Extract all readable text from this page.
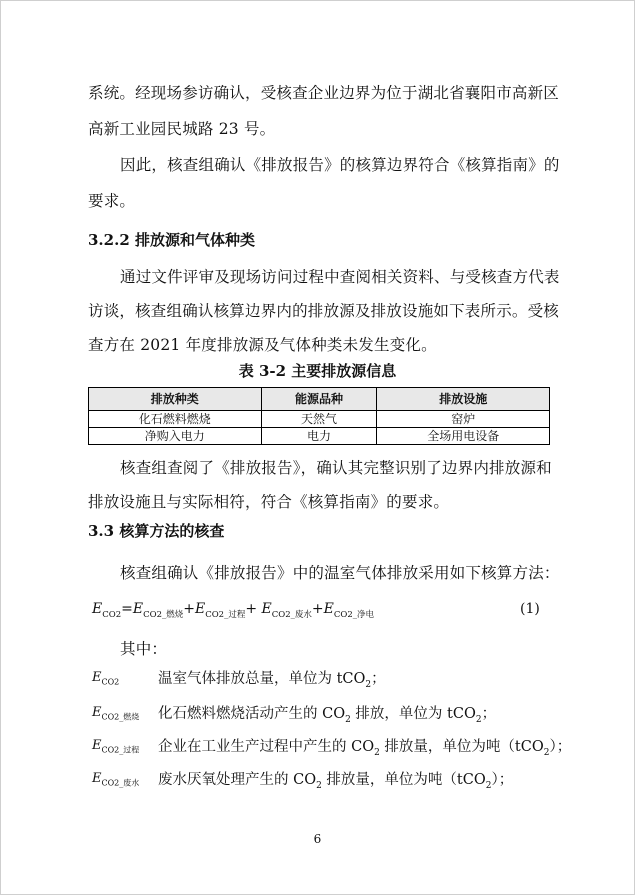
系统。经现场参访确认，受核查企业边界为位于湖北省襄阳市高新区
高新工业园民城路 23 号。
因此，核查组确认《排放报告》的核算边界符合《核算指南》的
要求。
3.2.2 排放源和气体种类
通过文件评审及现场访问过程中查阅相关资料、与受核查方代表
访谈，核查组确认核算边界内的排放源及排放设施如下表所示。受核
查方在 2021 年度排放源及气体种类未发生变化。
表 3-2 主要排放源信息
排放种类	能源品种	排放设施
化石燃料燃烧	天然气	窑炉
净购入电力	电力	全场用电设备
核查组查阅了《排放报告》，确认其完整识别了边界内排放源和
排放设施且与实际相符，符合《核算指南》的要求。
3.3 核算方法的核查
核查组确认《排放报告》中的温室气体排放采用如下核算方法：
$E_{CO2}=E_{CO2\_燃烧}+E_{CO2\_过程}+ E_{CO2\_废水}+E_{CO2\_净电}$	(1)
其中：
$E_{CO2}$	温室气体排放总量，单位为 tCO$_2$；
$E_{CO2\_燃烧}$ 化石燃料燃烧活动产生的 $CO_2$ 排放，单位为 tCO$_2$；
$E_{CO2\_过程}$ 企业在工业生产过程中产生的 $CO_2$ 排放量，单位为吨（tCO$_2$）；
$E_{CO2\_废水}$ 废水厌氧处理产生的 $CO_2$ 排放量，单位为吨（tCO$_2$）；
6
